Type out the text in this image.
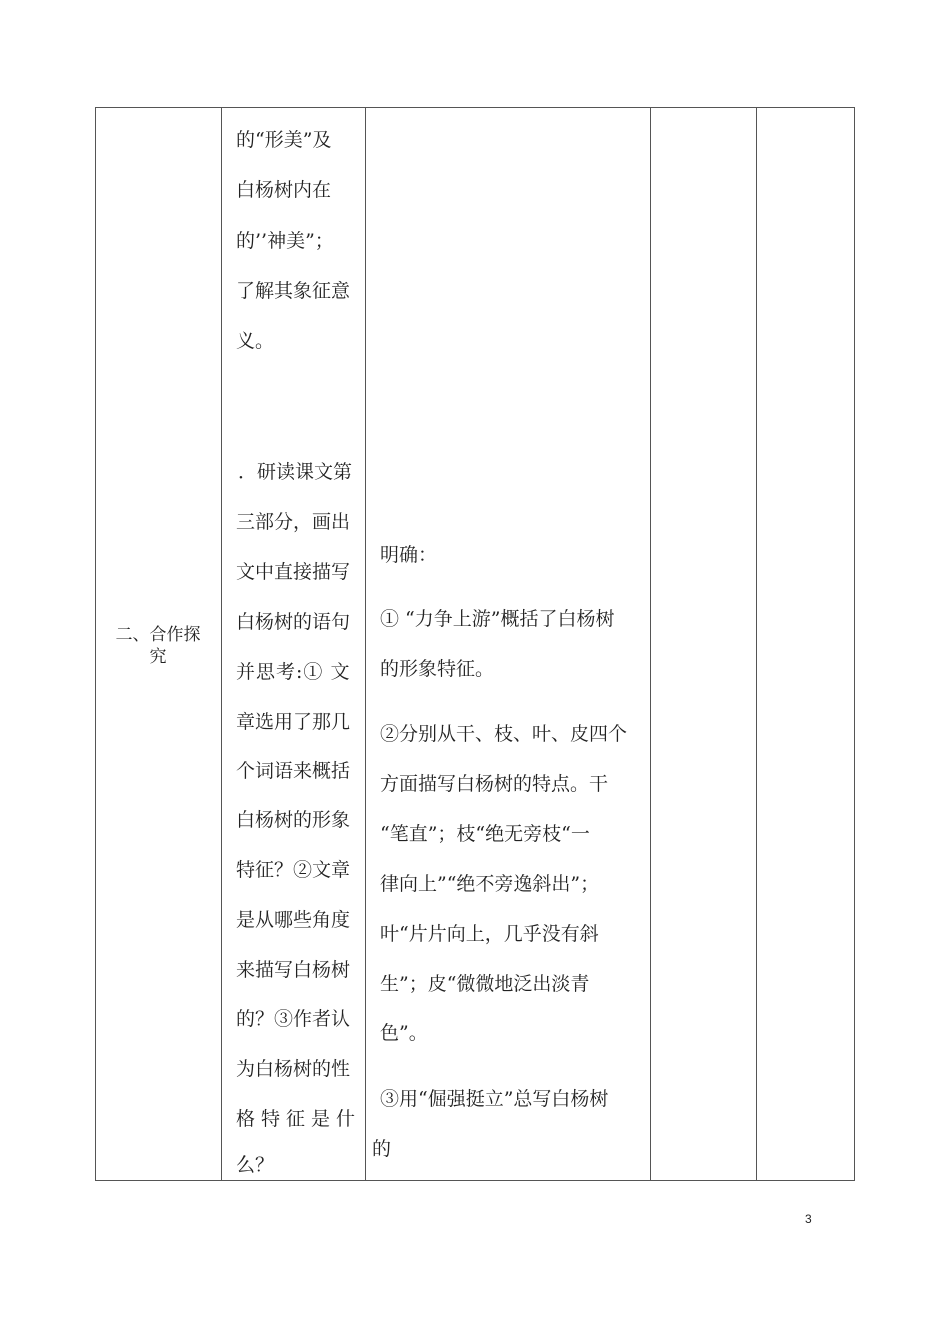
二、合作探
究
的“形美”及
白杨树内在
的’’神美”；
了解其象征意
义。
．研读课文第
三部分，画出
文中直接描写
白杨树的语句
并思考:① 文
章选用了那几
个词语来概括
白杨树的形象
特征？②文章
是从哪些角度
来描写白杨树
的？③作者认
为白杨树的性
格特征是什
么？
明确：
① “力争上游”概括了白杨树
的形象特征。
②分别从干、枝、叶、皮四个
方面描写白杨树的特点。干
“笔直”；枝“绝无旁枝“一
律向上”“绝不旁逸斜出”；
叶“片片向上，几乎没有斜
生”；皮“微微地泛出淡青
色”。
③用“倔强挺立”总写白杨树
的
3
